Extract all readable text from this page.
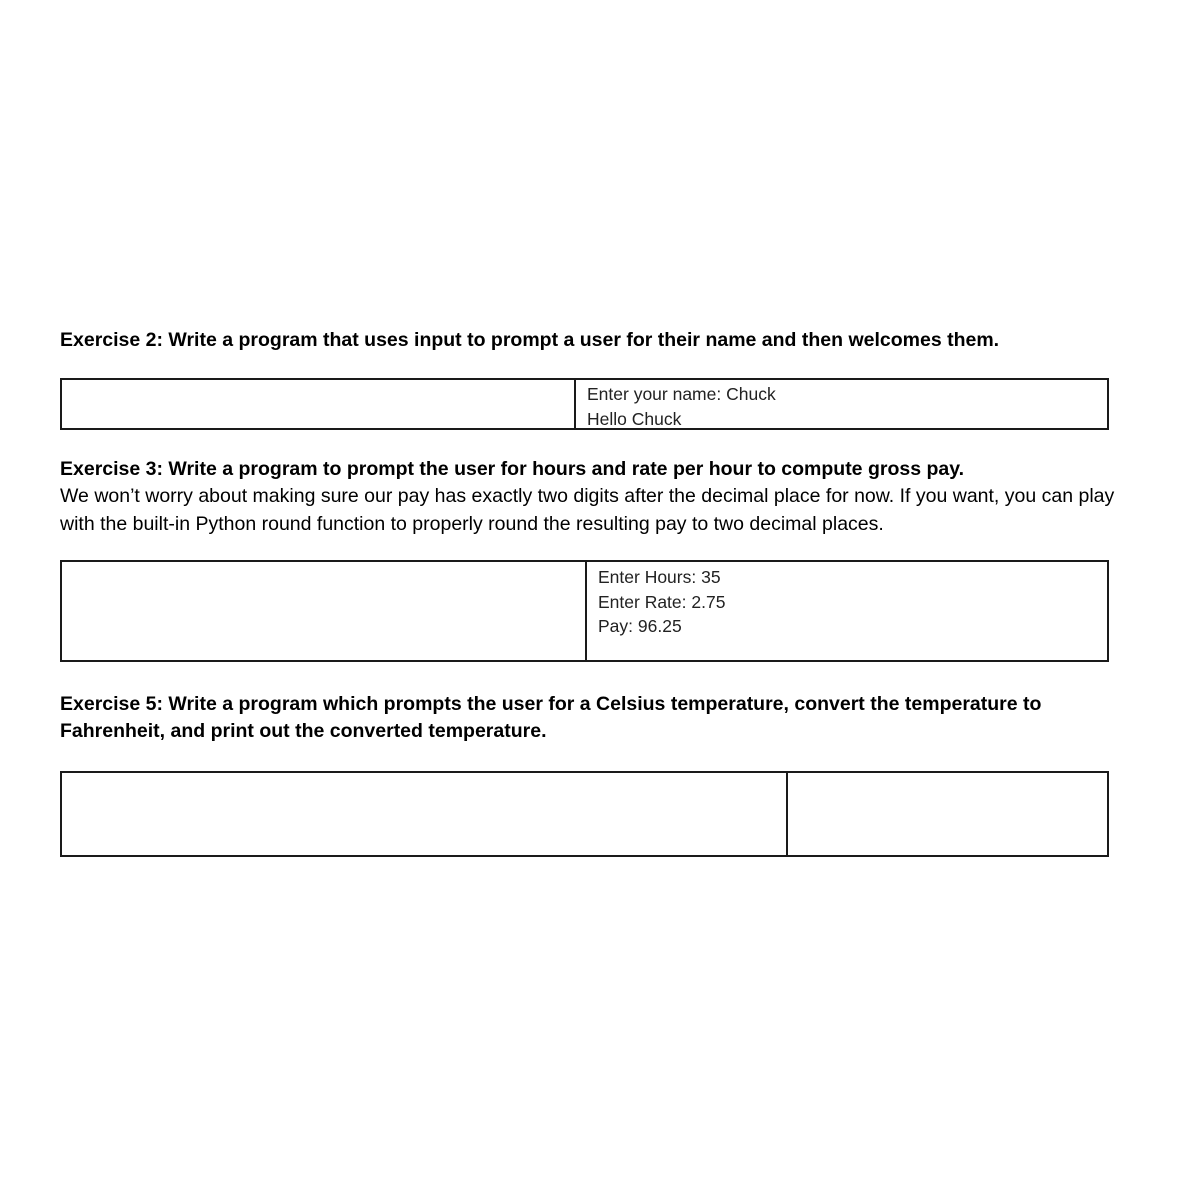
Exercise 2: Write a program that uses input to prompt a user for their name and then welcomes them.

Enter your name: Chuck
Hello Chuck

Exercise 3: Write a program to prompt the user for hours and rate per hour to compute gross pay.

We won’t worry about making sure our pay has exactly two digits after the decimal place for now. If you want, you can play with the built-in Python round function to properly round the resulting pay to two decimal places.

Enter Hours: 35
Enter Rate: 2.75
Pay: 96.25

Exercise 5: Write a program which prompts the user for a Celsius temperature, convert the temperature to Fahrenheit, and print out the converted temperature.
